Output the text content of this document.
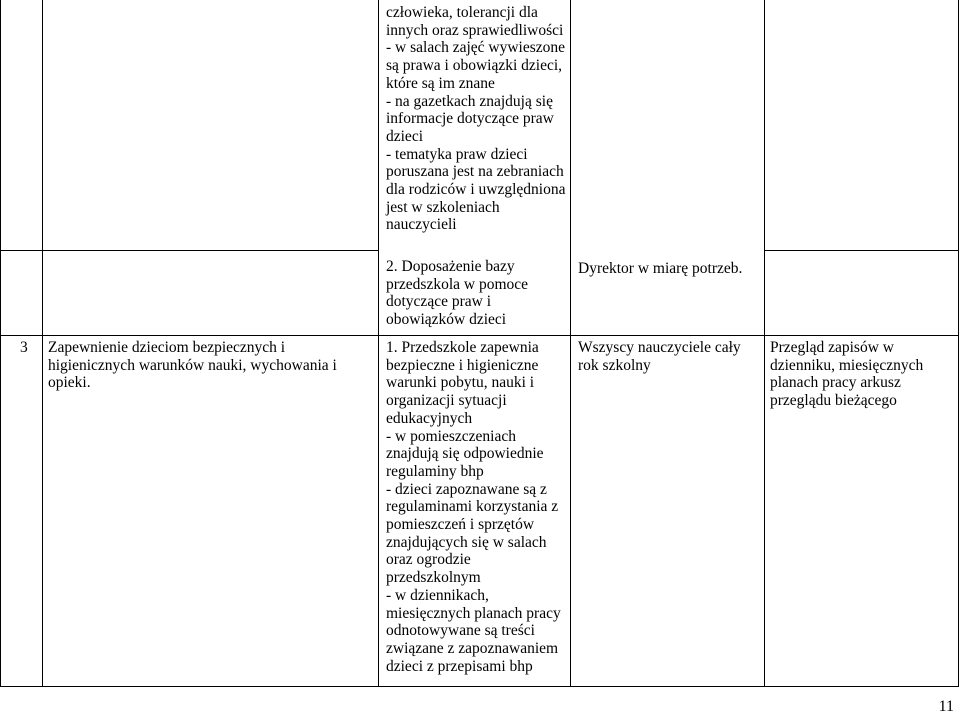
człowieka, tolerancji dla
innych oraz sprawiedliwości
- w salach zajęć wywieszone
są prawa i obowiązki dzieci,
które są im znane
- na gazetkach znajdują się
informacje dotyczące praw
dzieci
- tematyka praw dzieci
poruszana jest na zebraniach
dla rodziców i uwzględniona
jest w szkoleniach
nauczycieli
2. Doposażenie bazy
przedszkola w pomoce
dotyczące praw i
obowiązków dzieci
Dyrektor w miarę potrzeb.
3 Zapewnienie dzieciom bezpiecznych i
higienicznych warunków nauki, wychowania i
opieki.
1. Przedszkole zapewnia
bezpieczne i higieniczne
warunki pobytu, nauki i
organizacji sytuacji
edukacyjnych
- w pomieszczeniach
znajdują się odpowiednie
regulaminy bhp
- dzieci zapoznawane są z
regulaminami korzystania z
pomieszczeń i sprzętów
znajdujących się w salach
oraz ogrodzie
przedszkolnym
- w dziennikach,
miesięcznych planach pracy
odnotowywane są treści
związane z zapoznawaniem
dzieci z przepisami bhp
Wszyscy nauczyciele cały
rok szkolny
Przegląd zapisów w
dzienniku, miesięcznych
planach pracy arkusz
przeglądu bieżącego
11
